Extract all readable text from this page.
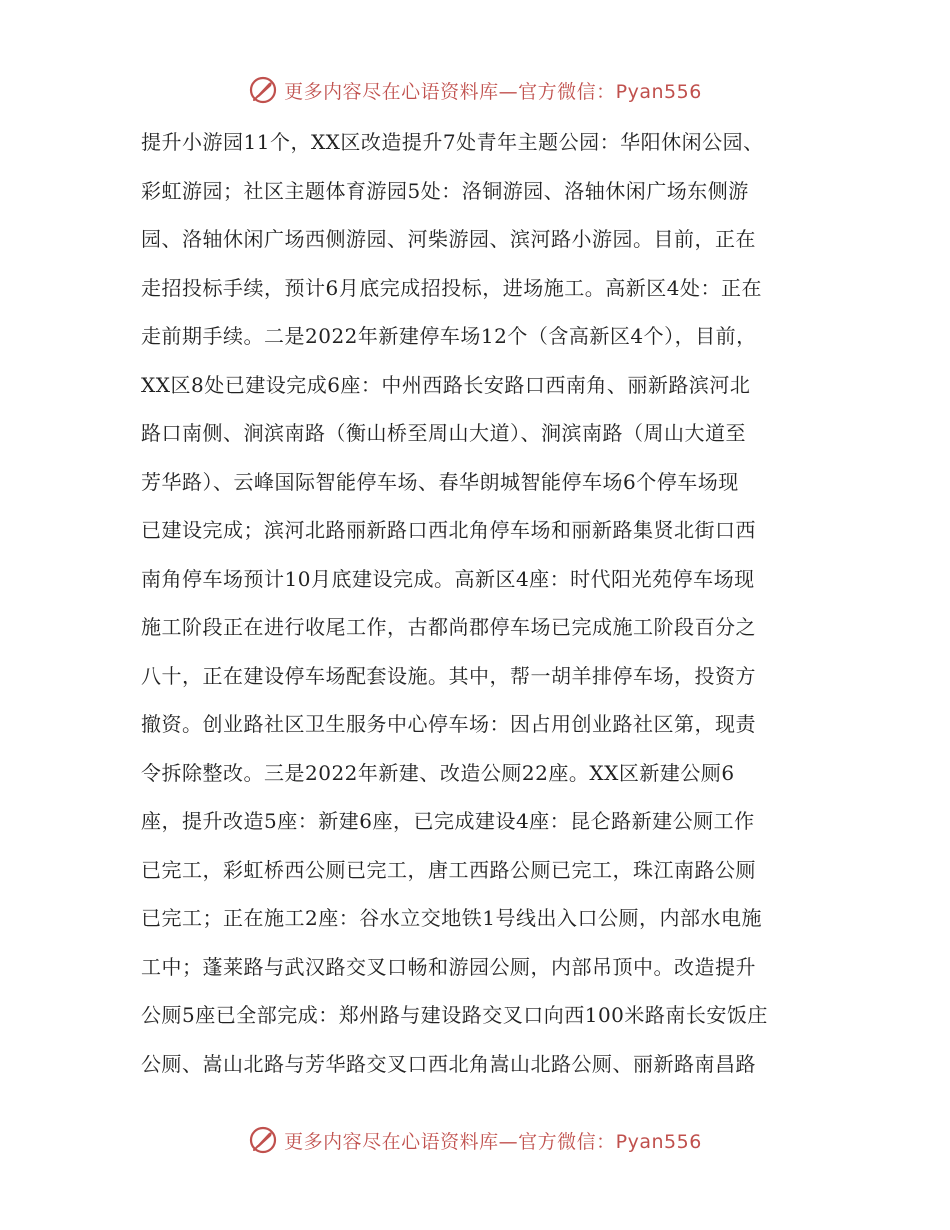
更多内容尽在心语资料库—官方微信：Pyan556
提升小游园11个，XX区改造提升7处青年主题公园：华阳休闲公园、
彩虹游园；社区主题体育游园5处：洛铜游园、洛轴休闲广场东侧游
园、洛轴休闲广场西侧游园、河柴游园、滨河路小游园。目前，正在
走招投标手续，预计6月底完成招投标，进场施工。高新区4处：正在
走前期手续。二是2022年新建停车场12个（含高新区4个），目前，
XX区8处已建设完成6座：中州西路长安路口西南角、丽新路滨河北
路口南侧、涧滨南路（衡山桥至周山大道）、涧滨南路（周山大道至
芳华路）、云峰国际智能停车场、春华朗城智能停车场6个停车场现
已建设完成；滨河北路丽新路口西北角停车场和丽新路集贤北街口西
南角停车场预计10月底建设完成。高新区4座：时代阳光苑停车场现
施工阶段正在进行收尾工作，古都尚郡停车场已完成施工阶段百分之
八十，正在建设停车场配套设施。其中，帮一胡羊排停车场，投资方
撤资。创业路社区卫生服务中心停车场：因占用创业路社区第，现责
令拆除整改。三是2022年新建、改造公厕22座。XX区新建公厕6
座，提升改造5座：新建6座，已完成建设4座：昆仑路新建公厕工作
已完工，彩虹桥西公厕已完工，唐工西路公厕已完工，珠江南路公厕
已完工；正在施工2座：谷水立交地铁1号线出入口公厕，内部水电施
工中；蓬莱路与武汉路交叉口畅和游园公厕，内部吊顶中。改造提升
公厕5座已全部完成：郑州路与建设路交叉口向西100米路南长安饭庄
公厕、嵩山北路与芳华路交叉口西北角嵩山北路公厕、丽新路南昌路
更多内容尽在心语资料库—官方微信：Pyan556
